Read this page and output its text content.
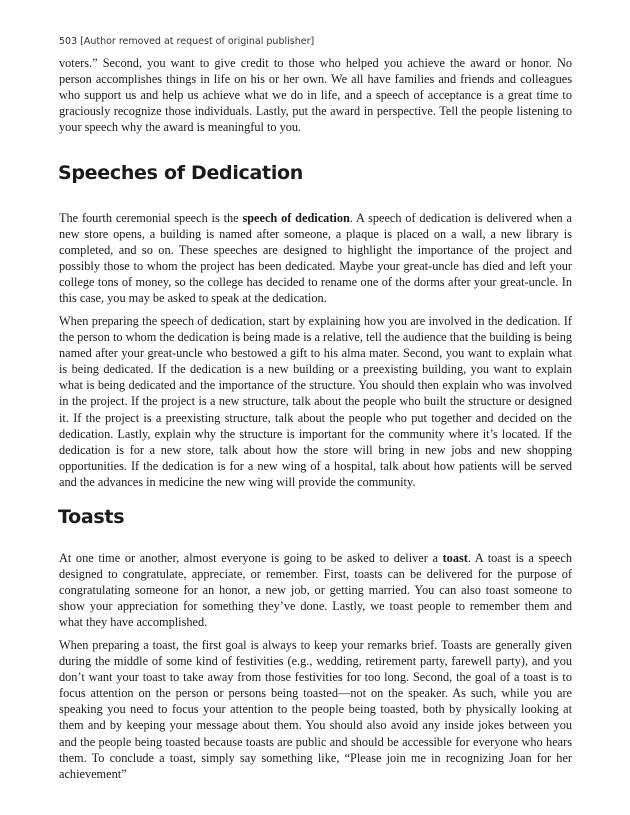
503 [Author removed at request of original publisher]

voters.” Second, you want to give credit to those who helped you achieve the award or honor. No person accomplishes things in life on his or her own. We all have families and friends and colleagues who support us and help us achieve what we do in life, and a speech of acceptance is a great time to graciously recognize those individuals. Lastly, put the award in perspective. Tell the people listening to your speech why the award is meaningful to you.

Speeches of Dedication

The fourth ceremonial speech is the speech of dedication. A speech of dedication is delivered when a new store opens, a building is named after someone, a plaque is placed on a wall, a new library is completed, and so on. These speeches are designed to highlight the importance of the project and possibly those to whom the project has been dedicated. Maybe your great-uncle has died and left your college tons of money, so the college has decided to rename one of the dorms after your great-uncle. In this case, you may be asked to speak at the dedication.

When preparing the speech of dedication, start by explaining how you are involved in the dedication. If the person to whom the dedication is being made is a relative, tell the audience that the building is being named after your great-uncle who bestowed a gift to his alma mater. Second, you want to explain what is being dedicated. If the dedication is a new building or a preexisting building, you want to explain what is being dedicated and the importance of the structure. You should then explain who was involved in the project. If the project is a new structure, talk about the people who built the structure or designed it. If the project is a preexisting structure, talk about the people who put together and decided on the dedication. Lastly, explain why the structure is important for the community where it’s located. If the dedication is for a new store, talk about how the store will bring in new jobs and new shopping opportunities. If the dedication is for a new wing of a hospital, talk about how patients will be served and the advances in medicine the new wing will provide the community.

Toasts

At one time or another, almost everyone is going to be asked to deliver a toast. A toast is a speech designed to congratulate, appreciate, or remember. First, toasts can be delivered for the purpose of congratulating someone for an honor, a new job, or getting married. You can also toast someone to show your appreciation for something they’ve done. Lastly, we toast people to remember them and what they have accomplished.

When preparing a toast, the first goal is always to keep your remarks brief. Toasts are generally given during the middle of some kind of festivities (e.g., wedding, retirement party, farewell party), and you don’t want your toast to take away from those festivities for too long. Second, the goal of a toast is to focus attention on the person or persons being toasted—not on the speaker. As such, while you are speaking you need to focus your attention to the people being toasted, both by physically looking at them and by keeping your message about them. You should also avoid any inside jokes between you and the people being toasted because toasts are public and should be accessible for everyone who hears them. To conclude a toast, simply say something like, “Please join me in recognizing Joan for her achievement”
